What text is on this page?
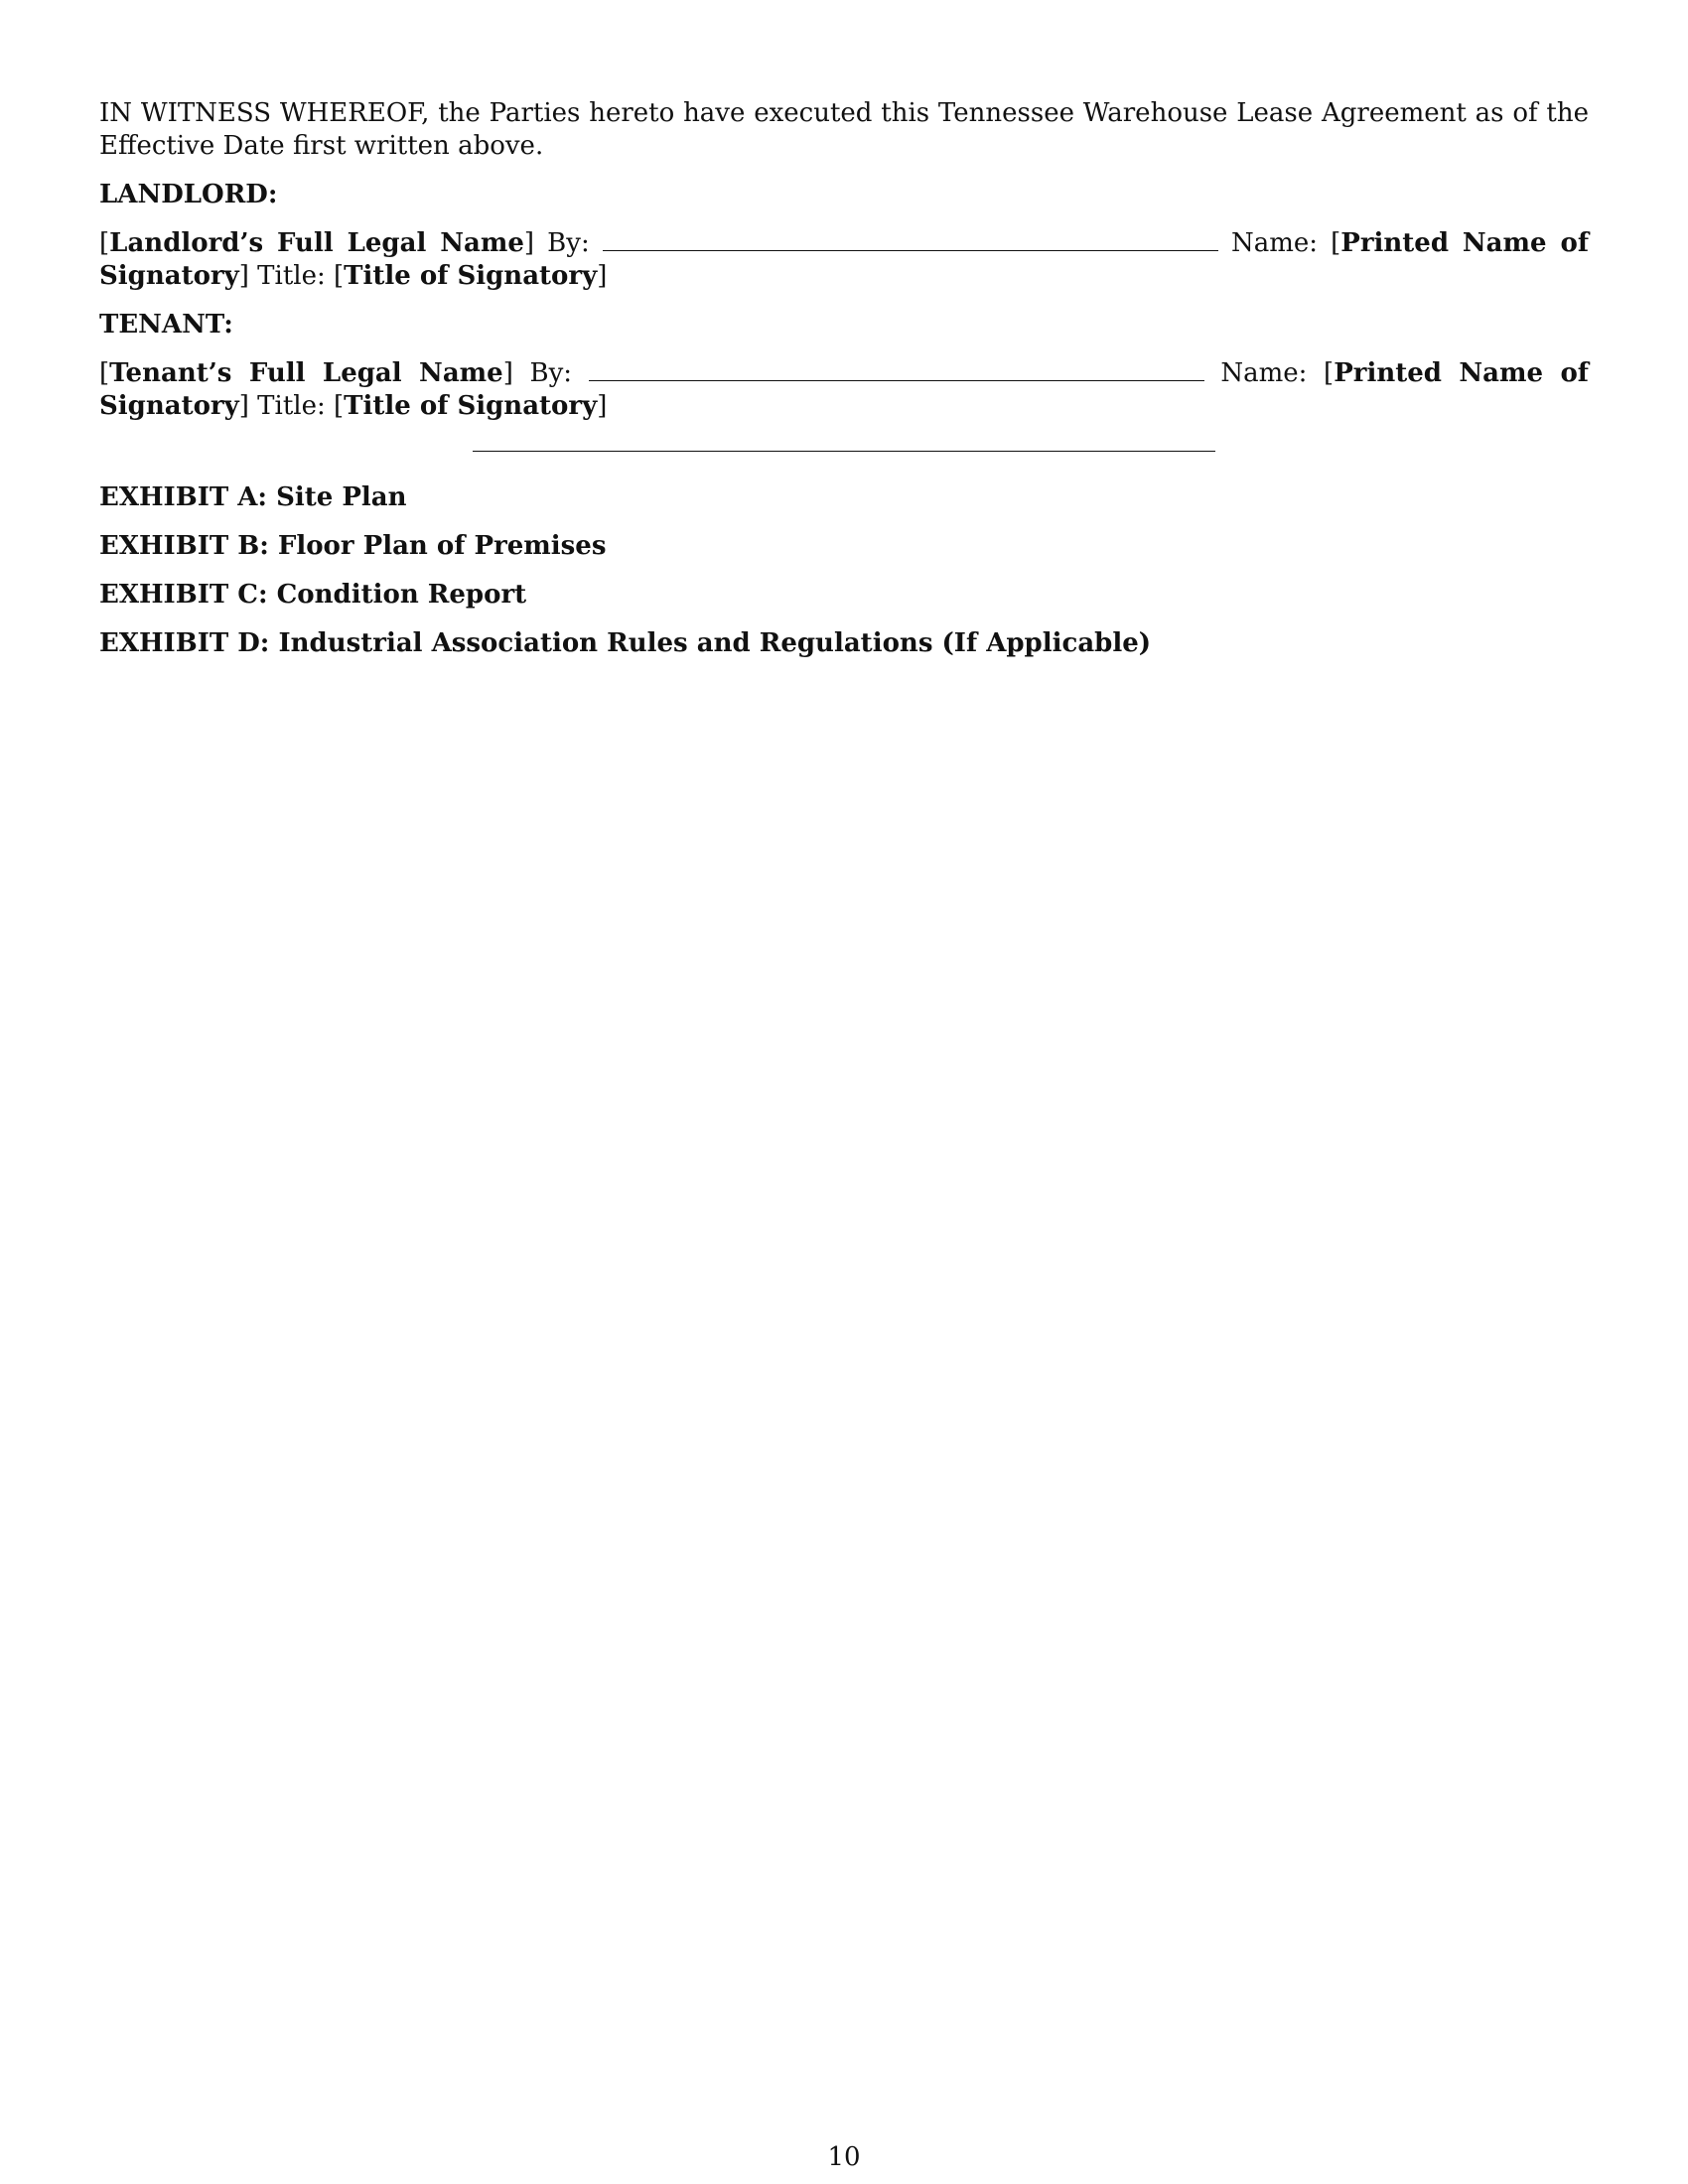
IN WITNESS WHEREOF, the Parties hereto have executed this Tennessee Warehouse Lease Agreement as of the Effective Date first written above.

LANDLORD:
[Landlord’s Full Legal Name] By:	Name: [Printed Name of Signatory] Title: [Title of Signatory]
TENANT:
[Tenant’s Full Legal Name] By:	Name: [Printed Name of Signatory] Title: [Title of Signatory]
EXHIBIT A: Site Plan
EXHIBIT B: Floor Plan of Premises
EXHIBIT C: Condition Report
EXHIBIT D: Industrial Association Rules and Regulations (If Applicable)
10
